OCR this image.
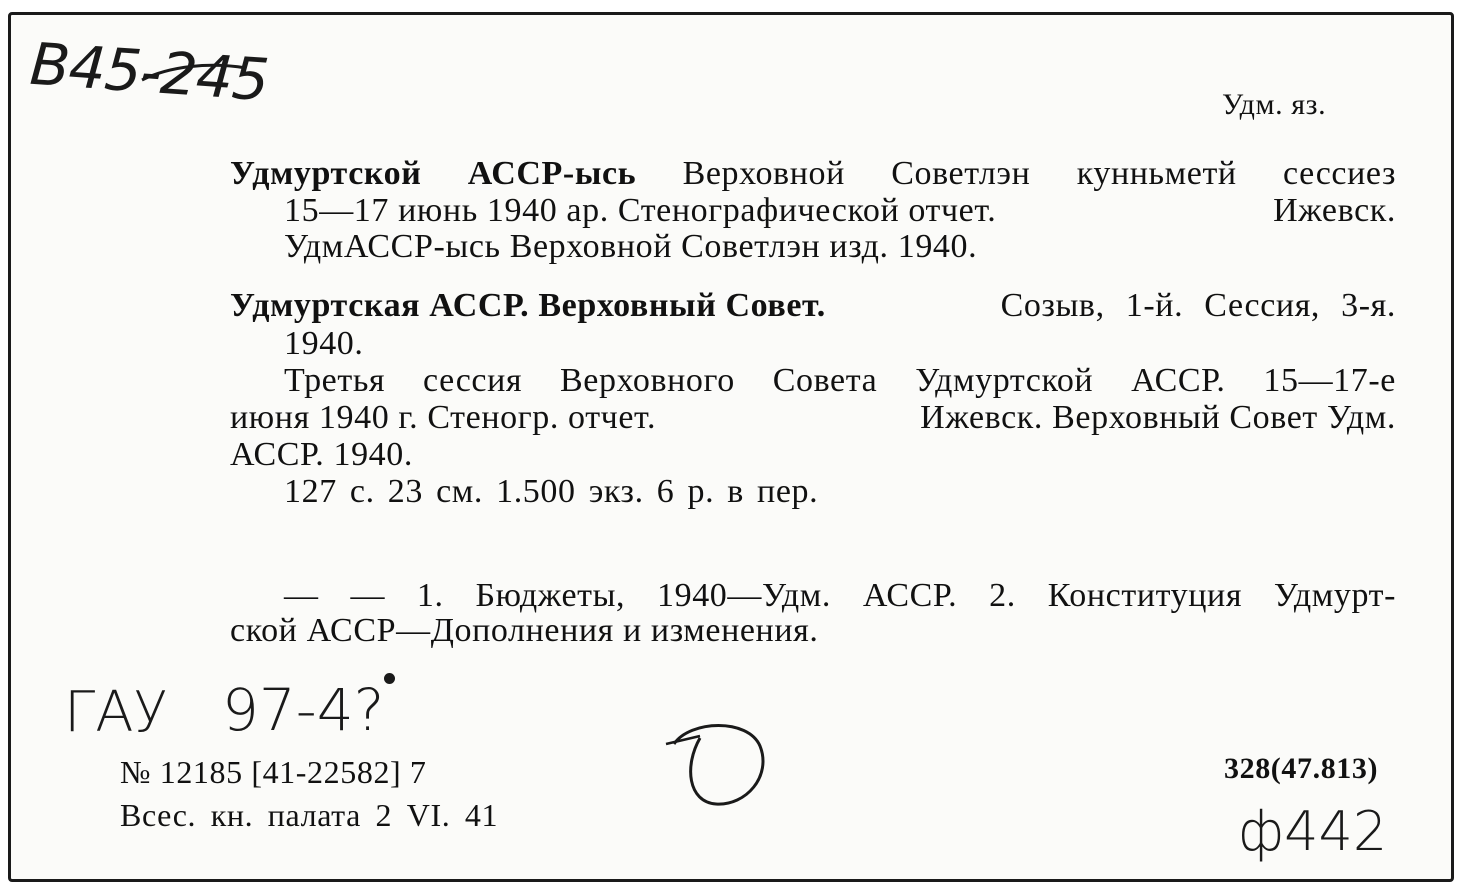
В45-245	Удм. яз.
Удмуртской АССР-ысь Верховной Советлэн кунньметй сессиез
15—17 июнь 1940 ар. Стенографической отчет.	Ижевск.
УдмАССР-ысь Верховной Советлэн изд. 1940.
Удмуртская АССР. Верховный Совет.	Созыв, 1-й. Сессия, 3-я.
1940.
Третья сессия Верховного Совета Удмуртской АССР. 15—17-е
июня 1940 г. Стеногр. отчет.	Ижевск. Верховный Совет Удм.
АССР. 1940.
127 с. 23 см. 1.500 экз. 6 р. в пер.
— — 1. Бюджеты, 1940—Удм. АССР. 2. Конституция Удмурт-
ской АССР—Дополнения и изменения.
ГАУ 97-4?
№ 12185 [41-22582] 7
Всес. кн. палата 2 VI. 41
328(47.813)
ф442
